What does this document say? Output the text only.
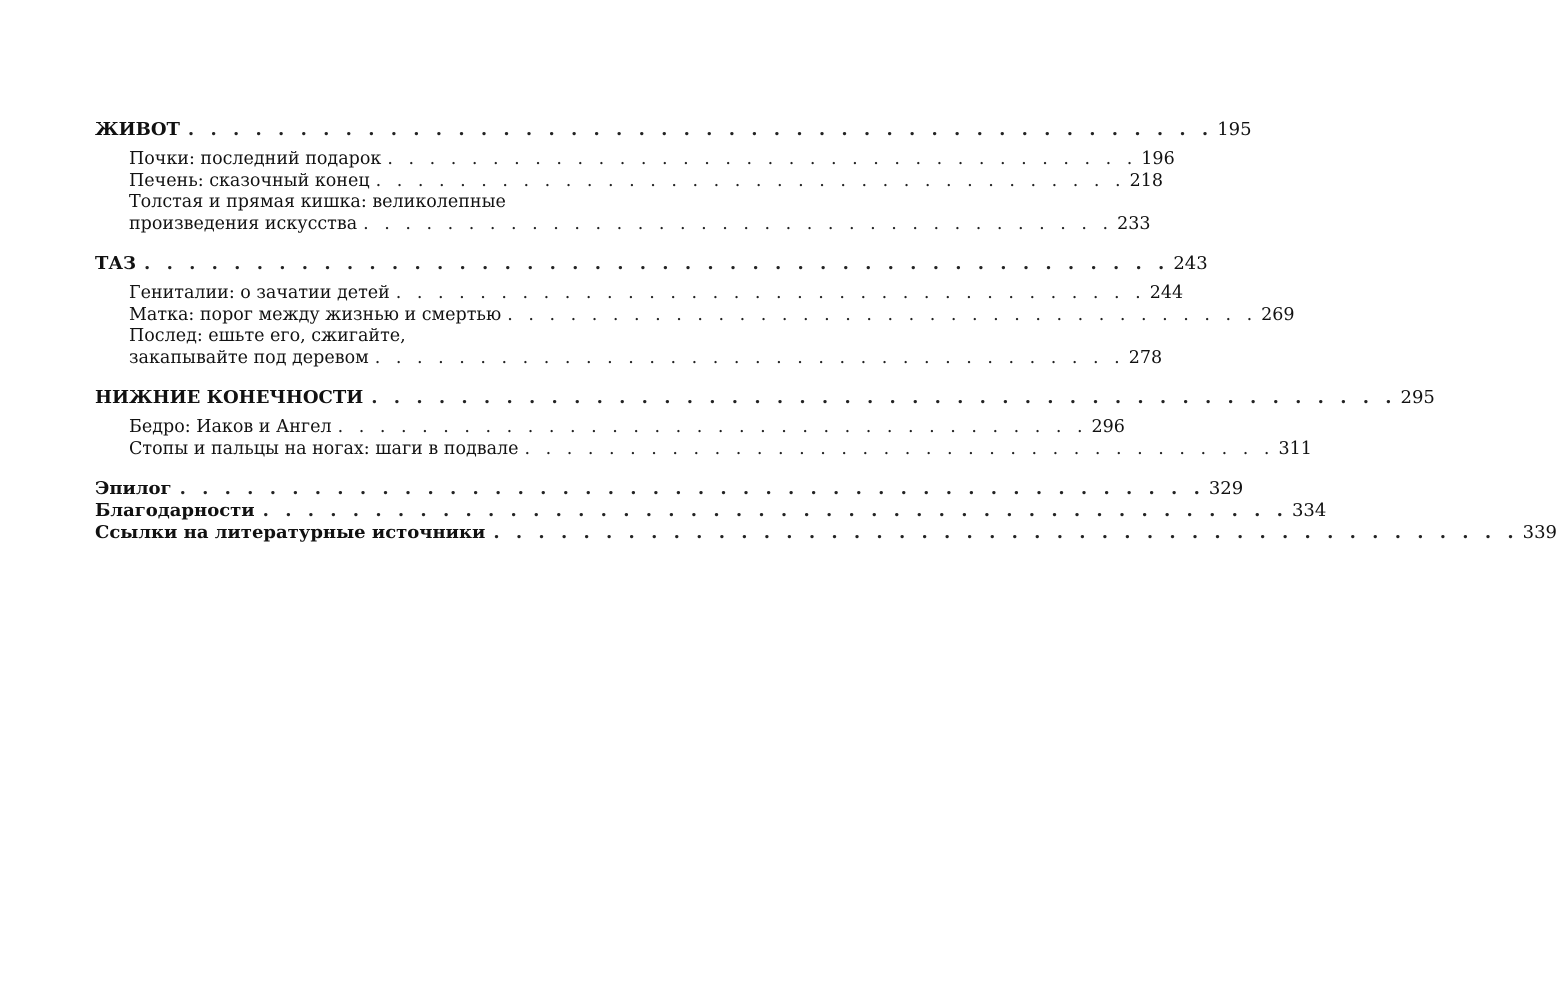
ЖИВОТ . . . . . . . . . . . . . . . . . . . . . . . . . . . . . . . . . . . . . . . . . . . . . . 195
Почки: последний подарок . . . . . . . . . . . . . . . . . . . . . . . . . . . . . . . . . . . . 196
Печень: сказочный конец . . . . . . . . . . . . . . . . . . . . . . . . . . . . . . . . . . . . 218
Толстая и прямая кишка: великолепные
произведения искусства . . . . . . . . . . . . . . . . . . . . . . . . . . . . . . . . . . . . 233
ТАЗ . . . . . . . . . . . . . . . . . . . . . . . . . . . . . . . . . . . . . . . . . . . . . . 243
Гениталии: о зачатии детей . . . . . . . . . . . . . . . . . . . . . . . . . . . . . . . . . . . . 244
Матка: порог между жизнью и смертью . . . . . . . . . . . . . . . . . . . . . . . . . . . . . . . . . . . . 269
Послед: ешьте его, сжигайте,
закапывайте под деревом . . . . . . . . . . . . . . . . . . . . . . . . . . . . . . . . . . . . 278
НИЖНИЕ КОНЕЧНОСТИ . . . . . . . . . . . . . . . . . . . . . . . . . . . . . . . . . . . . . . . . . . . . . . 295
Бедро: Иаков и Ангел . . . . . . . . . . . . . . . . . . . . . . . . . . . . . . . . . . . . 296
Стопы и пальцы на ногах: шаги в подвале . . . . . . . . . . . . . . . . . . . . . . . . . . . . . . . . . . . . 311
Эпилог . . . . . . . . . . . . . . . . . . . . . . . . . . . . . . . . . . . . . . . . . . . . . . 329
Благодарности . . . . . . . . . . . . . . . . . . . . . . . . . . . . . . . . . . . . . . . . . . . . . . 334
Ссылки на литературные источники . . . . . . . . . . . . . . . . . . . . . . . . . . . . . . . . . . . . . . . . . . . . . . 339
